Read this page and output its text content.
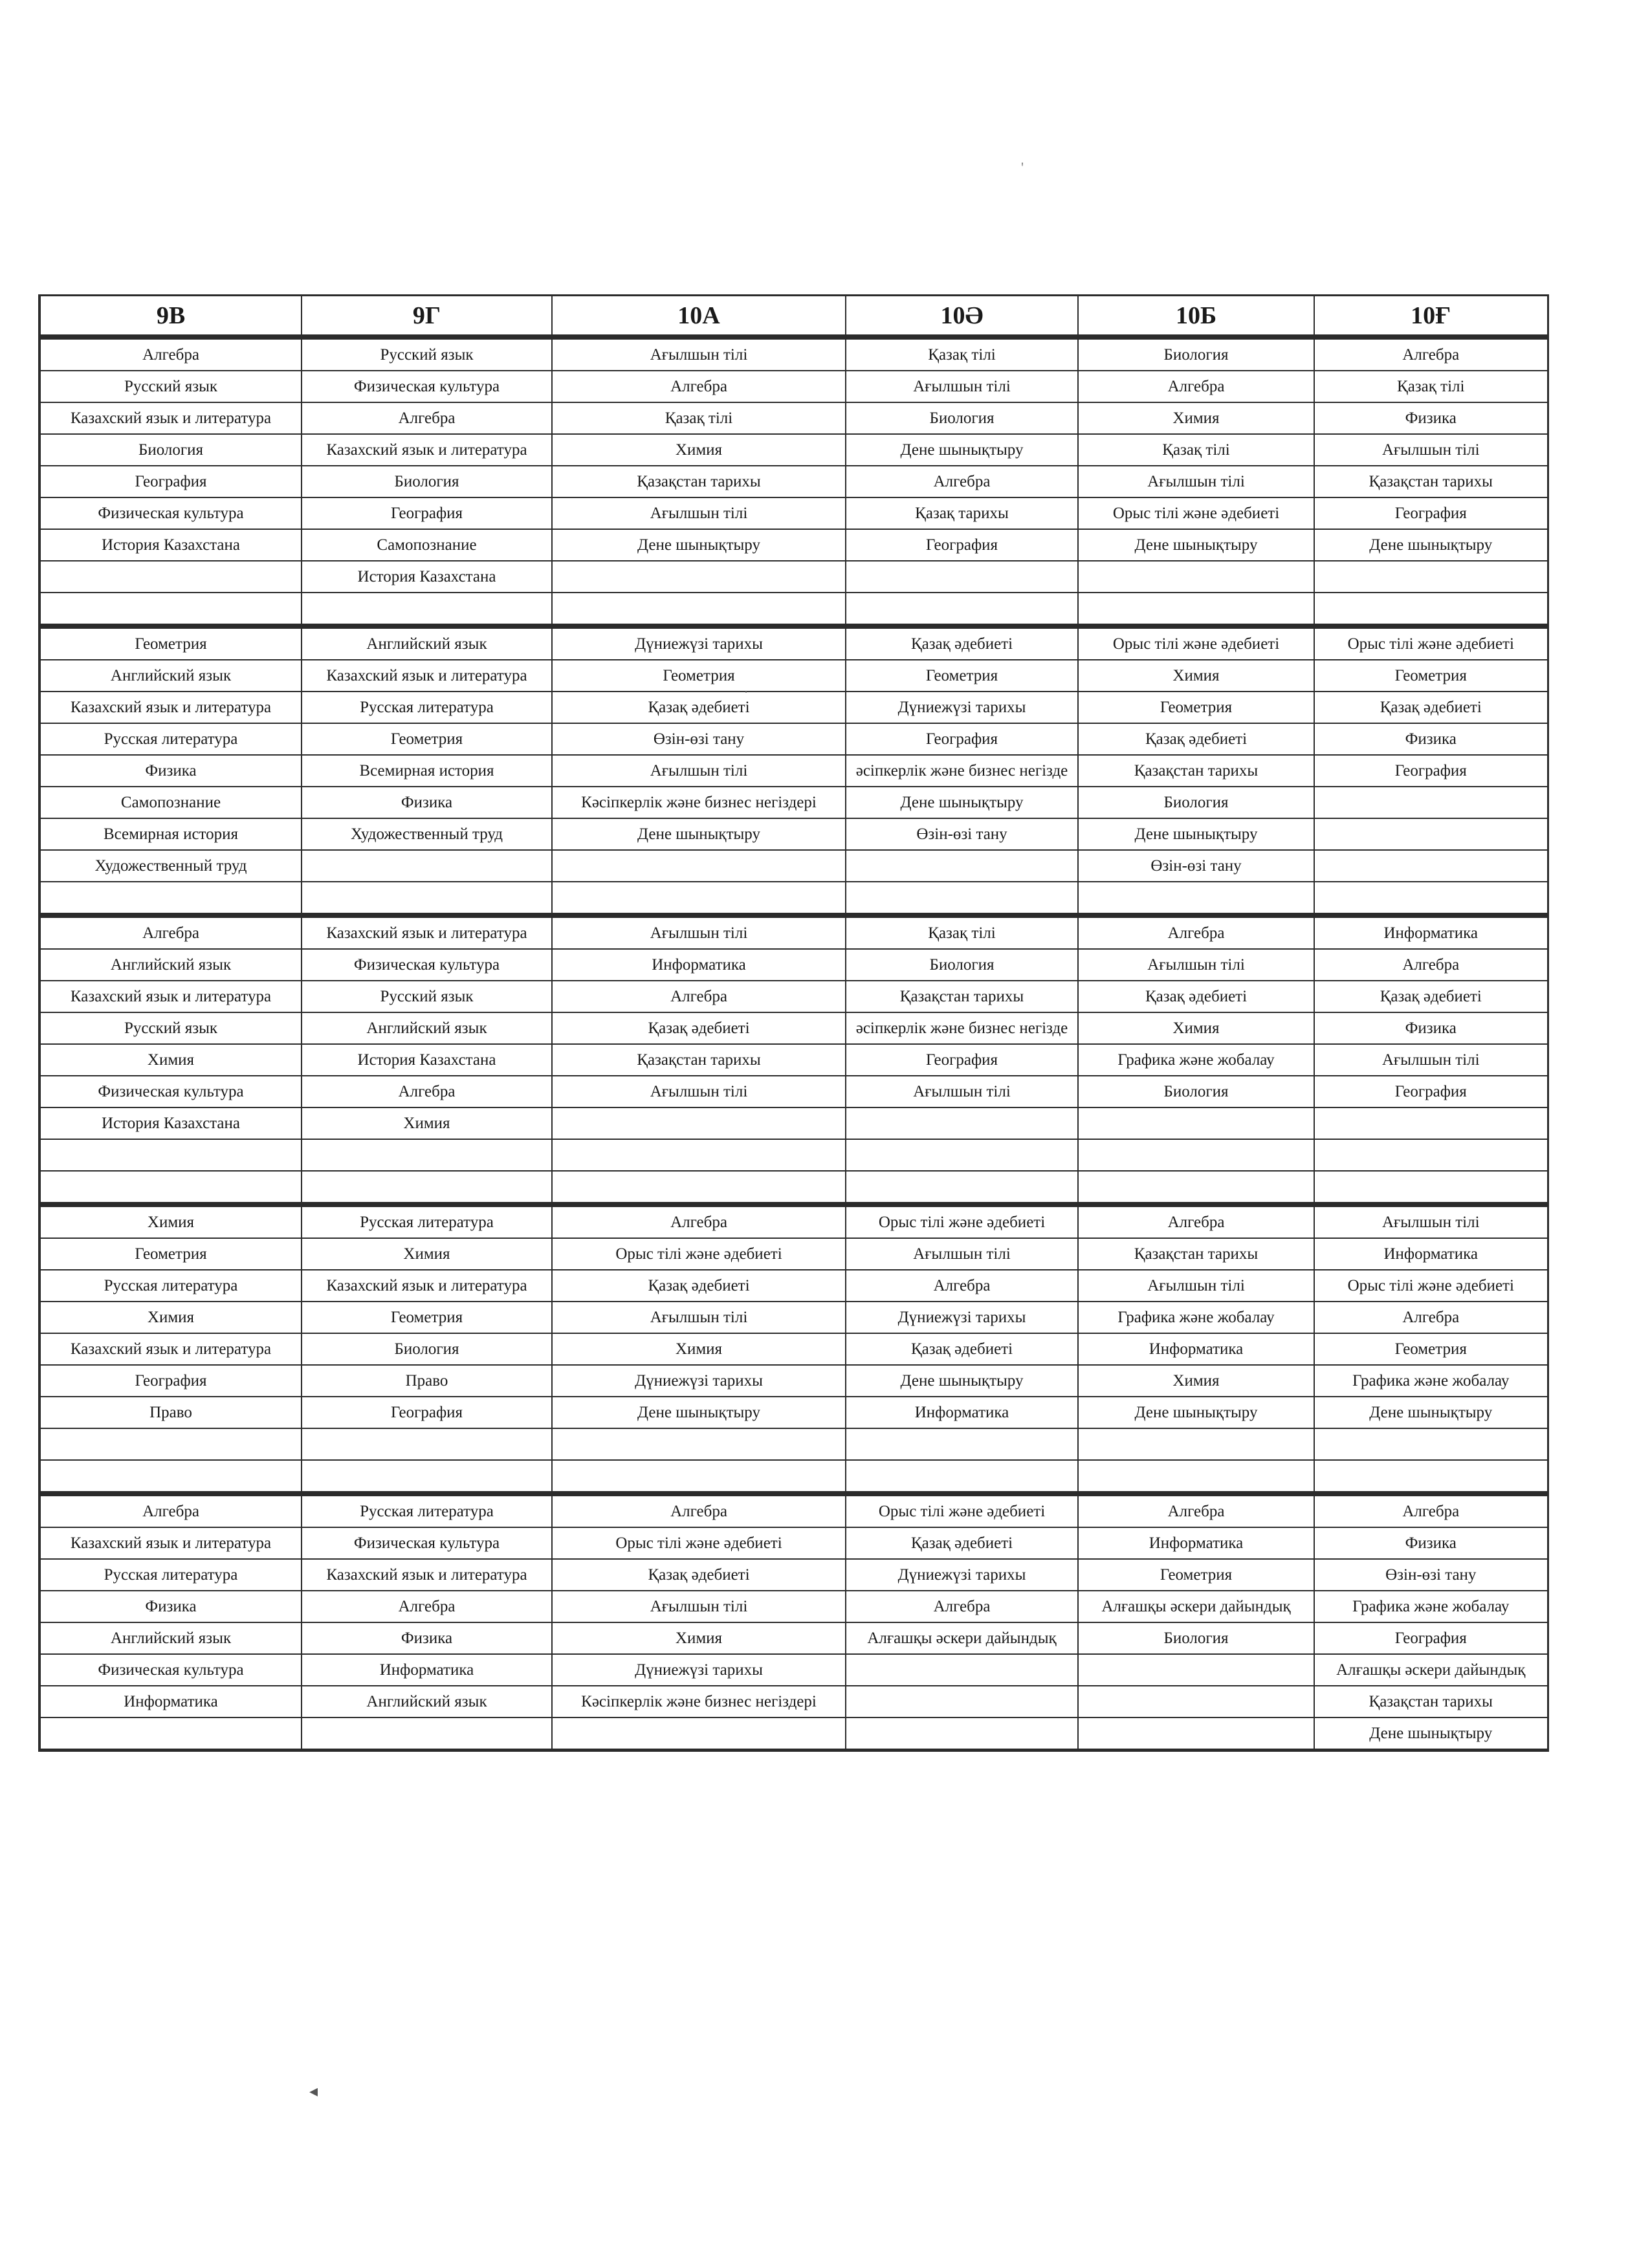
9В	9Г	10А	10Ә	10Б	10Ғ
Алгебра	Русский язык	Ағылшын тілі	Қазақ тілі	Биология	Алгебра
Русский язык	Физическая культура	Алгебра	Ағылшын тілі	Алгебра	Қазақ тілі
Казахский язык и литература	Алгебра	Қазақ тілі	Биология	Химия	Физика
Биология	Казахский язык и литература	Химия	Дене шынықтыру	Қазақ тілі	Ағылшын тілі
География	Биология	Қазақстан тарихы	Алгебра	Ағылшын тілі	Қазақстан тарихы
Физическая культура	География	Ағылшын тілі	Қазақ тарихы	Орыс тілі және әдебиеті	География
История Казахстана	Самопознание	Дене шынықтыру	География	Дене шынықтыру	Дене шынықтыру
	История Казахстана				

Геометрия	Английский язык	Дүниежүзі тарихы	Қазақ әдебиеті	Орыс тілі және әдебиеті	Орыс тілі және әдебиеті
Английский язык	Казахский язык и литература	Геометрия	Геометрия	Химия	Геометрия
Казахский язык и литература	Русская литература	Қазақ әдебиеті	Дүниежүзі тарихы	Геометрия	Қазақ әдебиеті
Русская литература	Геометрия	Өзін-өзі тану	География	Қазақ әдебиеті	Физика
Физика	Всемирная история	Ағылшын тілі	әсіпкерлік және бизнес негізде	Қазақстан тарихы	География
Самопознание	Физика	Кәсіпкерлік және бизнес негіздері	Дене шынықтыру	Биология	
Всемирная история	Художественный труд	Дене шынықтыру	Өзін-өзі тану	Дене шынықтыру	
Художественный труд				Өзін-өзі тану	

Алгебра	Казахский язык и литература	Ағылшын тілі	Қазақ тілі	Алгебра	Информатика
Английский язык	Физическая культура	Информатика	Биология	Ағылшын тілі	Алгебра
Казахский язык и литература	Русский язык	Алгебра	Қазақстан тарихы	Қазақ әдебиеті	Қазақ әдебиеті
Русский язык	Английский язык	Қазақ әдебиеті	әсіпкерлік және бизнес негізде	Химия	Физика
Химия	История Казахстана	Қазақстан тарихы	География	Графика және жобалау	Ағылшын тілі
Физическая культура	Алгебра	Ағылшын тілі	Ағылшын тілі	Биология	География
История Казахстана	Химия				

Химия	Русская литература	Алгебра	Орыс тілі және әдебиеті	Алгебра	Ағылшын тілі
Геометрия	Химия	Орыс тілі және әдебиеті	Ағылшын тілі	Қазақстан тарихы	Информатика
Русская литература	Казахский язык и литература	Қазақ әдебиеті	Алгебра	Ағылшын тілі	Орыс тілі және әдебиеті
Химия	Геометрия	Ағылшын тілі	Дүниежүзі тарихы	Графика және жобалау	Алгебра
Казахский язык и литература	Биология	Химия	Қазақ әдебиеті	Информатика	Геометрия
География	Право	Дүниежүзі тарихы	Дене шынықтыру	Химия	Графика және жобалау
Право	География	Дене шынықтыру	Информатика	Дене шынықтыру	Дене шынықтыру

Алгебра	Русская литература	Алгебра	Орыс тілі және әдебиеті	Алгебра	Алгебра
Казахский язык и литература	Физическая культура	Орыс тілі және әдебиеті	Қазақ әдебиеті	Информатика	Физика
Русская литература	Казахский язык и литература	Қазақ әдебиеті	Дүниежүзі тарихы	Геометрия	Өзін-өзі тану
Физика	Алгебра	Ағылшын тілі	Алгебра	Алғашқы әскери дайындық	Графика және жобалау
Английский язык	Физика	Химия	Алғашқы әскери дайындық	Биология	География
Физическая культура	Информатика	Дүниежүзі тарихы			Алғашқы әскери дайындық
Информатика	Английский язык	Кәсіпкерлік және бизнес негіздері			Қазақстан тарихы
					Дене шынықтыру
'
·
◂
